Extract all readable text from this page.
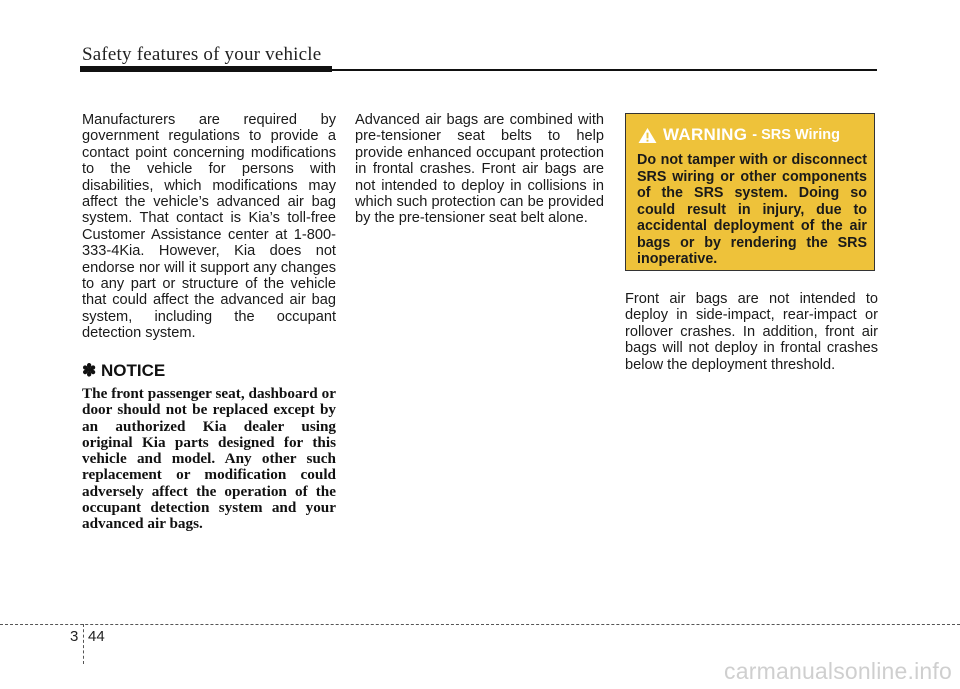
Safety features of your vehicle
Manufacturers are required by government regulations to provide a contact point concerning modifications to the vehicle for persons with disabilities, which modifications may affect the vehicle’s advanced air bag system. That contact is Kia’s toll-free Customer Assistance center at 1-800-333-4Kia. However, Kia does not endorse nor will it support any changes to any part or structure of the vehicle that could affect the advanced air bag system, including the occupant detection system.
✽ NOTICE
The front passenger seat, dashboard or door should not be replaced except by an authorized Kia dealer using original Kia parts designed for this vehicle and model. Any other such replacement or modification could adversely affect the operation of the occupant detection system and your advanced air bags.
Advanced air bags are combined with pre-tensioner seat belts to help provide enhanced occupant protection in frontal crashes. Front air bags are not intended to deploy in collisions in which such protection can be provided by the pre-tensioner seat belt alone.
WARNING - SRS Wiring
Do not tamper with or disconnect SRS wiring or other components of the SRS system. Doing so could result in injury, due to accidental deployment of the air bags or by rendering the SRS inoperative.
Front air bags are not intended to deploy in side-impact, rear-impact or rollover crashes. In addition, front air bags will not deploy in frontal crashes below the deployment threshold.
3 44
carmanualsonline.info
